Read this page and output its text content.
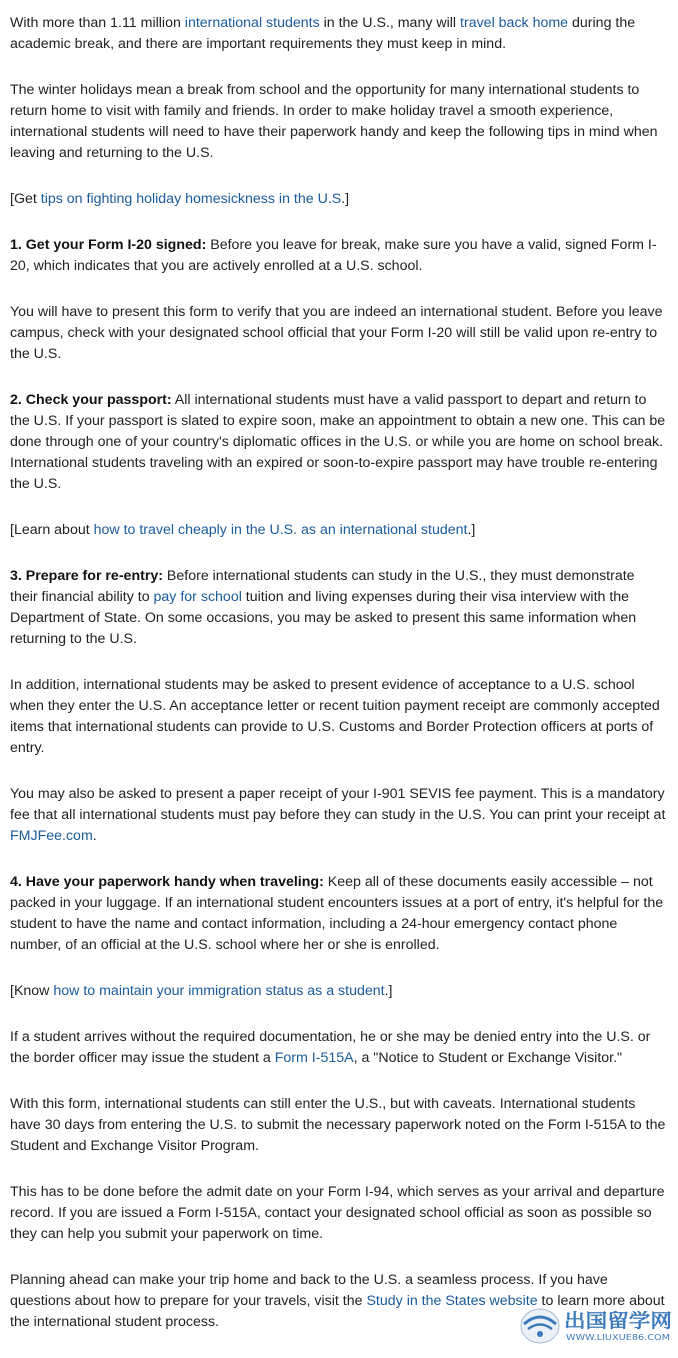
With more than 1.11 million international students in the U.S., many will travel back home during the academic break, and there are important requirements they must keep in mind.

The winter holidays mean a break from school and the opportunity for many international students to return home to visit with family and friends. In order to make holiday travel a smooth experience, international students will need to have their paperwork handy and keep the following tips in mind when leaving and returning to the U.S.

[Get tips on fighting holiday homesickness in the U.S.]

1. Get your Form I-20 signed: Before you leave for break, make sure you have a valid, signed Form I-20, which indicates that you are actively enrolled at a U.S. school.

You will have to present this form to verify that you are indeed an international student. Before you leave campus, check with your designated school official that your Form I-20 will still be valid upon re-entry to the U.S.

2. Check your passport: All international students must have a valid passport to depart and return to the U.S. If your passport is slated to expire soon, make an appointment to obtain a new one. This can be done through one of your country's diplomatic offices in the U.S. or while you are home on school break. International students traveling with an expired or soon-to-expire passport may have trouble re-entering the U.S.

[Learn about how to travel cheaply in the U.S. as an international student.]

3. Prepare for re-entry: Before international students can study in the U.S., they must demonstrate their financial ability to pay for school tuition and living expenses during their visa interview with the Department of State. On some occasions, you may be asked to present this same information when returning to the U.S.

In addition, international students may be asked to present evidence of acceptance to a U.S. school when they enter the U.S. An acceptance letter or recent tuition payment receipt are commonly accepted items that international students can provide to U.S. Customs and Border Protection officers at ports of entry.

You may also be asked to present a paper receipt of your I-901 SEVIS fee payment. This is a mandatory fee that all international students must pay before they can study in the U.S. You can print your receipt at FMJFee.com.

4. Have your paperwork handy when traveling: Keep all of these documents easily accessible – not packed in your luggage. If an international student encounters issues at a port of entry, it's helpful for the student to have the name and contact information, including a 24-hour emergency contact phone number, of an official at the U.S. school where her or she is enrolled.

[Know how to maintain your immigration status as a student.]

If a student arrives without the required documentation, he or she may be denied entry into the U.S. or the border officer may issue the student a Form I-515A, a "Notice to Student or Exchange Visitor."

With this form, international students can still enter the U.S., but with caveats. International students have 30 days from entering the U.S. to submit the necessary paperwork noted on the Form I-515A to the Student and Exchange Visitor Program.

This has to be done before the admit date on your Form I-94, which serves as your arrival and departure record. If you are issued a Form I-515A, contact your designated school official as soon as possible so they can help you submit your paperwork on time.

Planning ahead can make your trip home and back to the U.S. a seamless process. If you have questions about how to prepare for your travels, visit the Study in the States website to learn more about the international student process.	出国留学网
WWW.LIUXUE86.COM
